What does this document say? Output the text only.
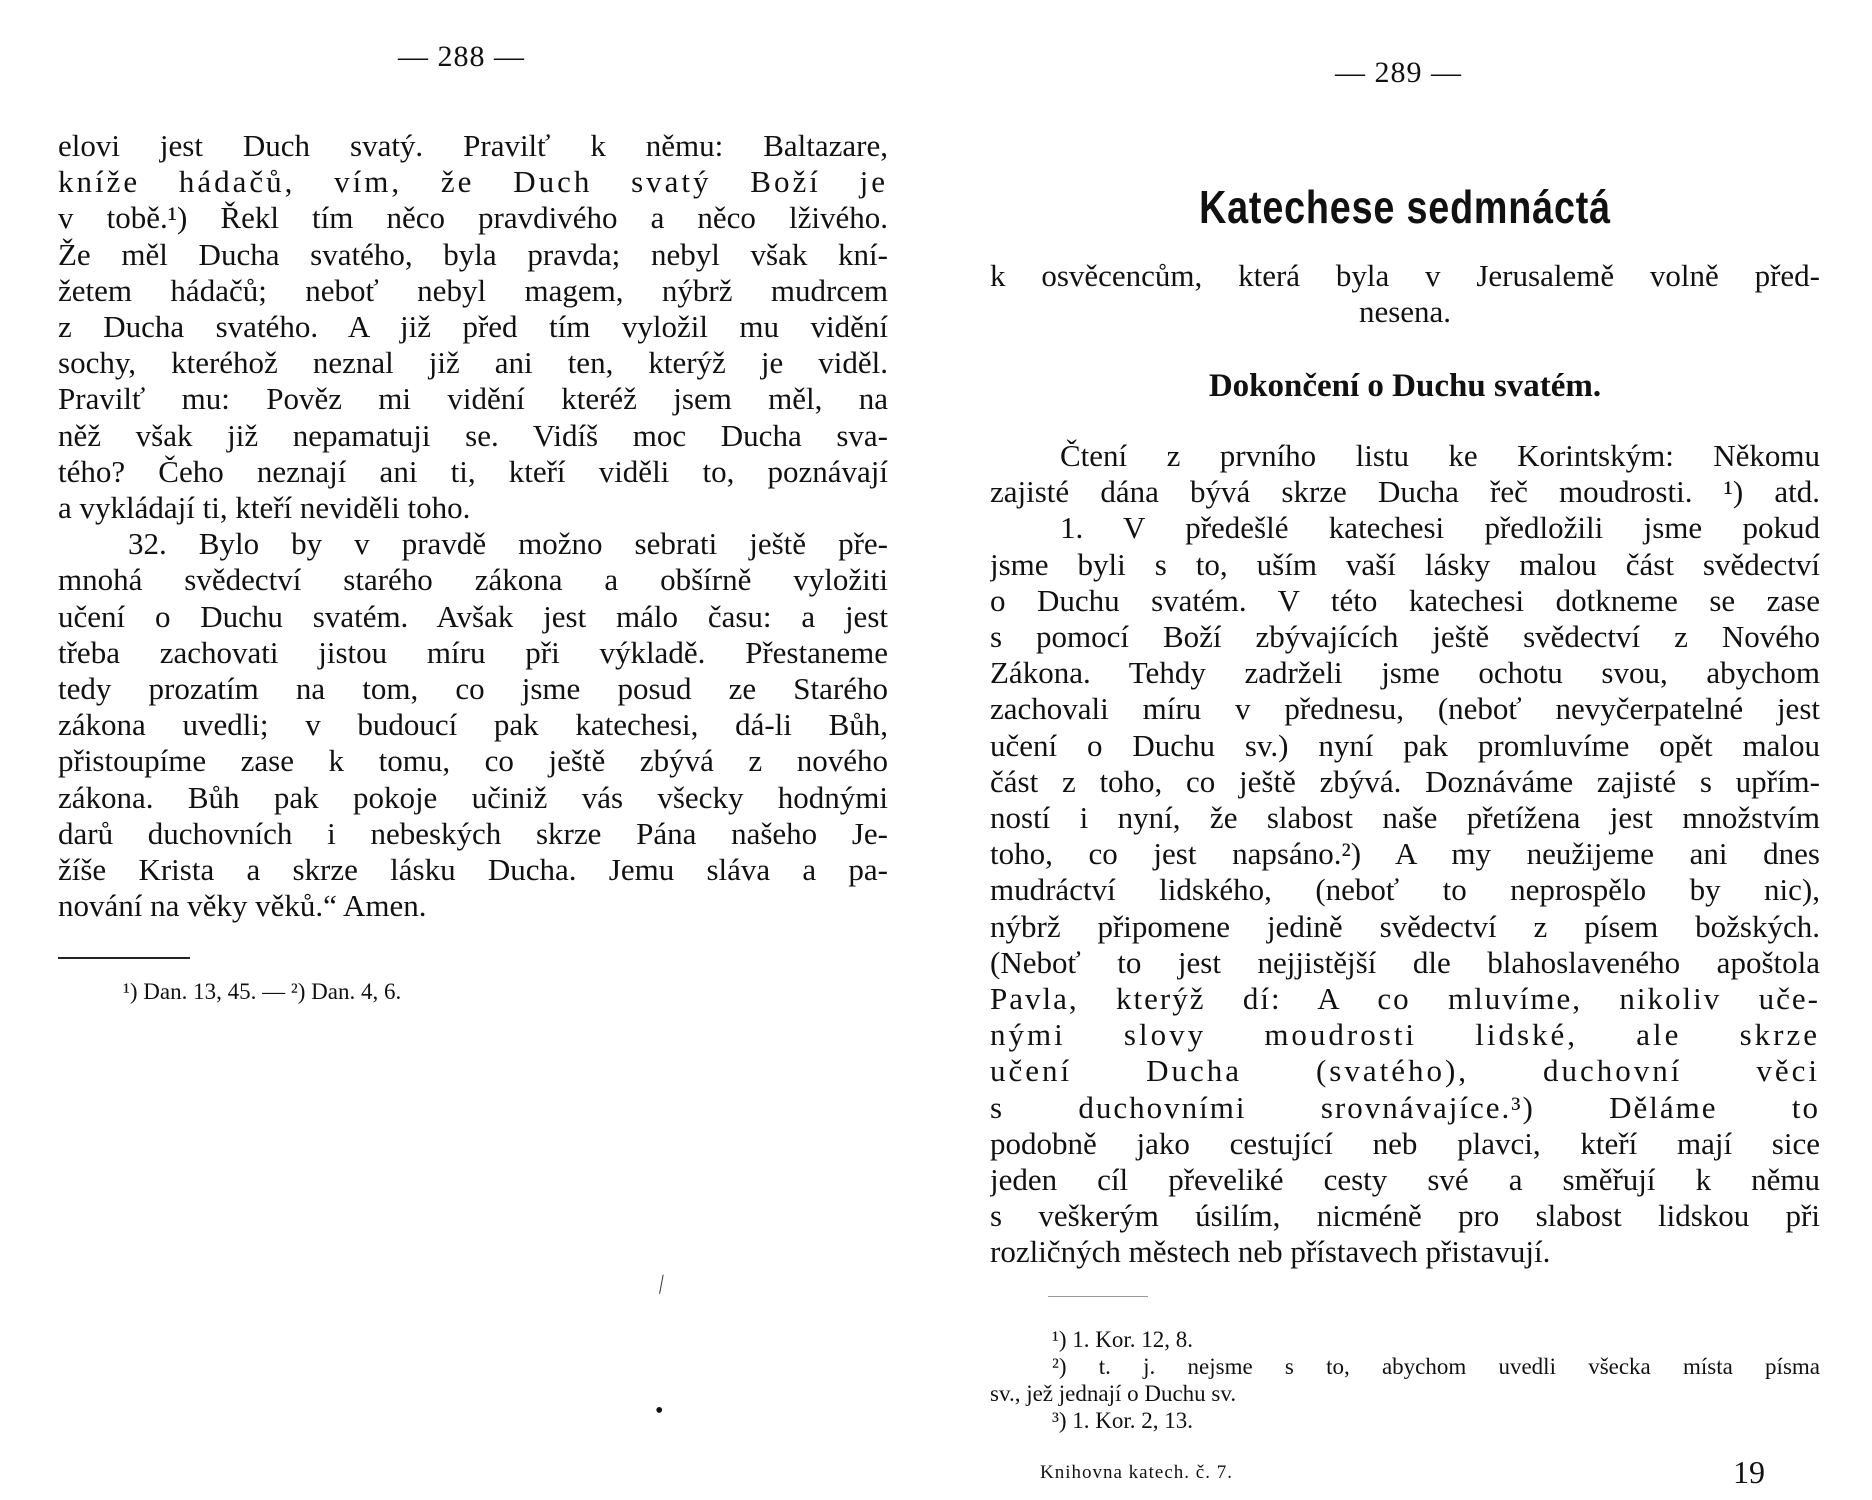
— 288 —
elovi jest Duch svatý. Pravilť k němu: Baltazare,
kníže hádačů, vím, že Duch svatý Boží je
v tobě.¹) Řekl tím něco pravdivého a něco lživého.
Že měl Ducha svatého, byla pravda; nebyl však kní-
žetem hádačů; neboť nebyl magem, nýbrž mudrcem
z Ducha svatého. A již před tím vyložil mu vidění
sochy, kteréhož neznal již ani ten, kterýž je viděl.
Pravilť mu: Pověz mi vidění kteréž jsem měl, na
něž však již nepamatuji se. Vidíš moc Ducha sva-
tého? Čeho neznají ani ti, kteří viděli to, poznávají
a vykládají ti, kteří neviděli toho.
32. Bylo by v pravdě možno sebrati ještě pře-
mnohá svědectví starého zákona a obšírně vyložiti
učení o Duchu svatém. Avšak jest málo času: a jest
třeba zachovati jistou míru při výkladě. Přestaneme
tedy prozatím na tom, co jsme posud ze Starého
zákona uvedli; v budoucí pak katechesi, dá-li Bůh,
přistoupíme zase k tomu, co ještě zbývá z nového
zákona. Bůh pak pokoje učiniž vás všecky hodnými
darů duchovních i nebeských skrze Pána našeho Je-
žíše Krista a skrze lásku Ducha. Jemu sláva a pa-
nování na věky věků.“ Amen.
¹) Dan. 13, 45. — ²) Dan. 4, 6.
— 289 —
Katechese sedmnáctá
k osvěcencům, která byla v Jerusalemě volně před-
nesena.
Dokončení o Duchu svatém.
Čtení z prvního listu ke Korintským: Někomu
zajisté dána bývá skrze Ducha řeč moudrosti. ¹) atd.
1. V předešlé katechesi předložili jsme pokud
jsme byli s to, uším vaší lásky malou část svědectví
o Duchu svatém. V této katechesi dotkneme se zase
s pomocí Boží zbývajících ještě svědectví z Nového
Zákona. Tehdy zadrželi jsme ochotu svou, abychom
zachovali míru v přednesu, (neboť nevyčerpatelné jest
učení o Duchu sv.) nyní pak promluvíme opět malou
část z toho, co ještě zbývá. Doznáváme zajisté s upřím-
ností i nyní, že slabost naše přetížena jest množstvím
toho, co jest napsáno.²) A my neužijeme ani dnes
mudráctví lidského, (neboť to neprospělo by nic),
nýbrž připomene jedině svědectví z písem božských.
(Neboť to jest nejjistější dle blahoslaveného apoštola
Pavla, kterýž dí: A co mluvíme, nikoliv uče-
nými slovy moudrosti lidské, ale skrze
učení Ducha (svatého), duchovní věci
s duchovními srovnávajíce.³) Děláme to
podobně jako cestující neb plavci, kteří mají sice
jeden cíl převeliké cesty své a směřují k němu
s veškerým úsilím, nicméně pro slabost lidskou při
rozličných městech neb přístavech přistavují.
¹) 1. Kor. 12, 8.
²) t. j. nejsme s to, abychom uvedli všecka místa písma
sv., jež jednají o Duchu sv.
³) 1. Kor. 2, 13.
Knihovna katech. č. 7.	19
⁄
•
